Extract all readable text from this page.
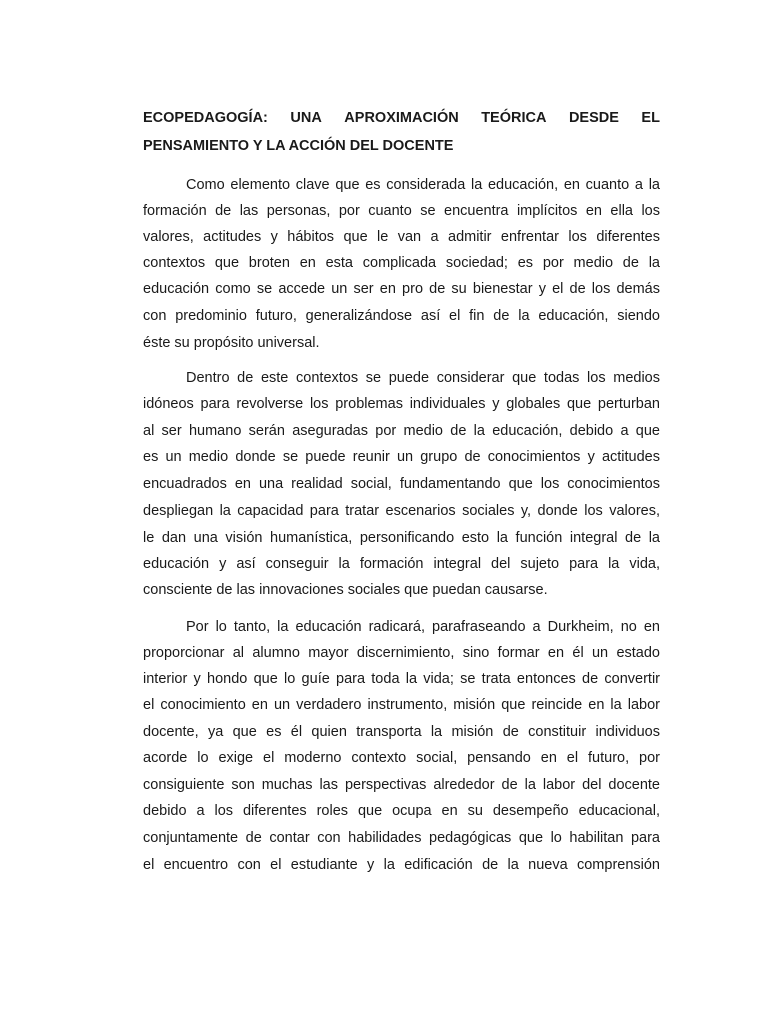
ECOPEDAGOGÍA: UNA APROXIMACIÓN TEÓRICA DESDE EL
PENSAMIENTO Y LA ACCIÓN DEL DOCENTE
Como elemento clave que es considerada la educación, en cuanto a la
formación de las personas, por cuanto se encuentra implícitos en ella los
valores, actitudes y hábitos que le van a admitir enfrentar los diferentes
contextos que broten en esta complicada sociedad; es por medio de la
educación como se accede un ser en pro de su bienestar y el de los demás
con predominio futuro, generalizándose así el fin de la educación, siendo
éste su propósito universal.
Dentro de este contextos se puede considerar que todas los medios
idóneos para revolverse los problemas individuales y globales que perturban
al ser humano serán aseguradas por medio de la educación, debido a que
es un medio donde se puede reunir un grupo de conocimientos y actitudes
encuadrados en una realidad social, fundamentando que los conocimientos
despliegan la capacidad para tratar escenarios sociales y, donde los valores,
le dan una visión humanística, personificando esto la función integral de la
educación y así conseguir la formación integral del sujeto para la vida,
consciente de las innovaciones sociales que puedan causarse.
Por lo tanto, la educación radicará, parafraseando a Durkheim, no en
proporcionar al alumno mayor discernimiento, sino formar en él un estado
interior y hondo que lo guíe para toda la vida; se trata entonces de convertir
el conocimiento en un verdadero instrumento, misión que reincide en la labor
docente, ya que es él quien transporta la misión de constituir individuos
acorde lo exige el moderno contexto social, pensando en el futuro, por
consiguiente son muchas las perspectivas alrededor de la labor del docente
debido a los diferentes roles que ocupa en su desempeño educacional,
conjuntamente de contar con habilidades pedagógicas que lo habilitan para
el encuentro con el estudiante y la edificación de la nueva comprensión
